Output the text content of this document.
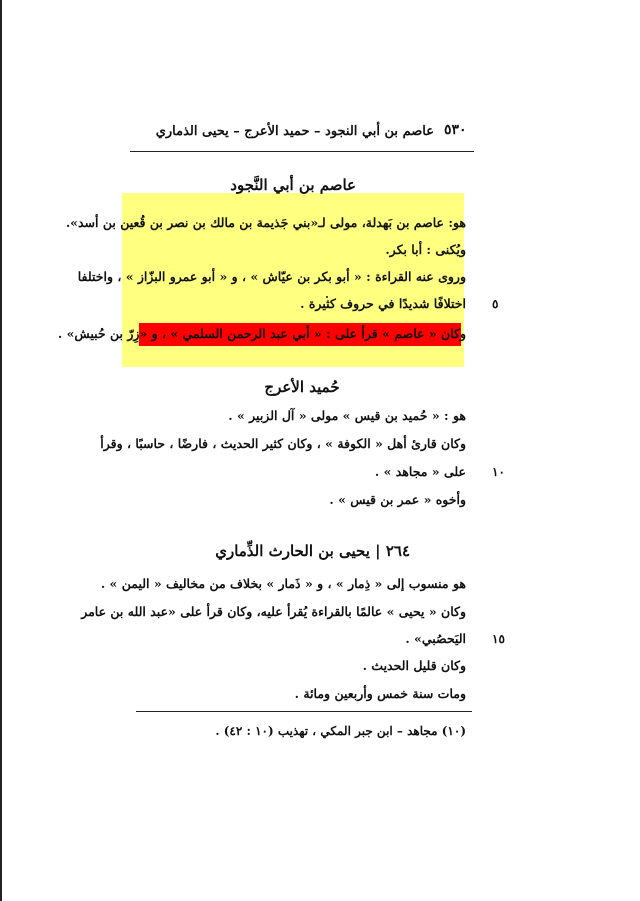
٥٣٠
عاصم بن أبي النجود – حميد الأعرج – يحيى الذماري
عاصم بن أبي النَّجود
هو: عاصم بن بَهدلة، مولى لـ«بني جَذيمة بن مالك بن نصر بن قُعين بن أسد».
ويُكنى : أبا بكر.
وروى عنه القراءة : « أبو بكر بن عيّاش » ، و « أبو عمرو البزّاز » ، واختلفا
اختلافًا شديدًا في حروف كثيرة .
وكان « عاصم » قرأ على : « أبي عبد الرحمن السلمي » ، و «زِرّ بن حُبيش» .
حُميد الأعرج
هو : « حُميد بن قيس » مولى « آل الزبير » .
وكان قارئ أهل « الكوفة » ، وكان كثير الحديث ، فارضًا ، حاسبًا ، وقرأ
على « مجاهد » .
وأخوه « عمر بن قيس » .
٢٦٤ | يحيى بن الحارث الذِّماري
هو منسوب إلى « ذِمار » ، و « ذَمار » بخلاف من مخاليف « اليمن » .
وكان « يحيى » عالمًا بالقراءة يُقرأ عليه، وكان قرأ على «عبد الله بن عامر
اليَحصُبي» .
وكان قليل الحديث .
ومات سنة خمس وأربعين ومائة .
٥
١٠
١٥
(١٠) مجاهد – ابن جبر المكي ، تهذيب (١٠ : ٤٢) .
